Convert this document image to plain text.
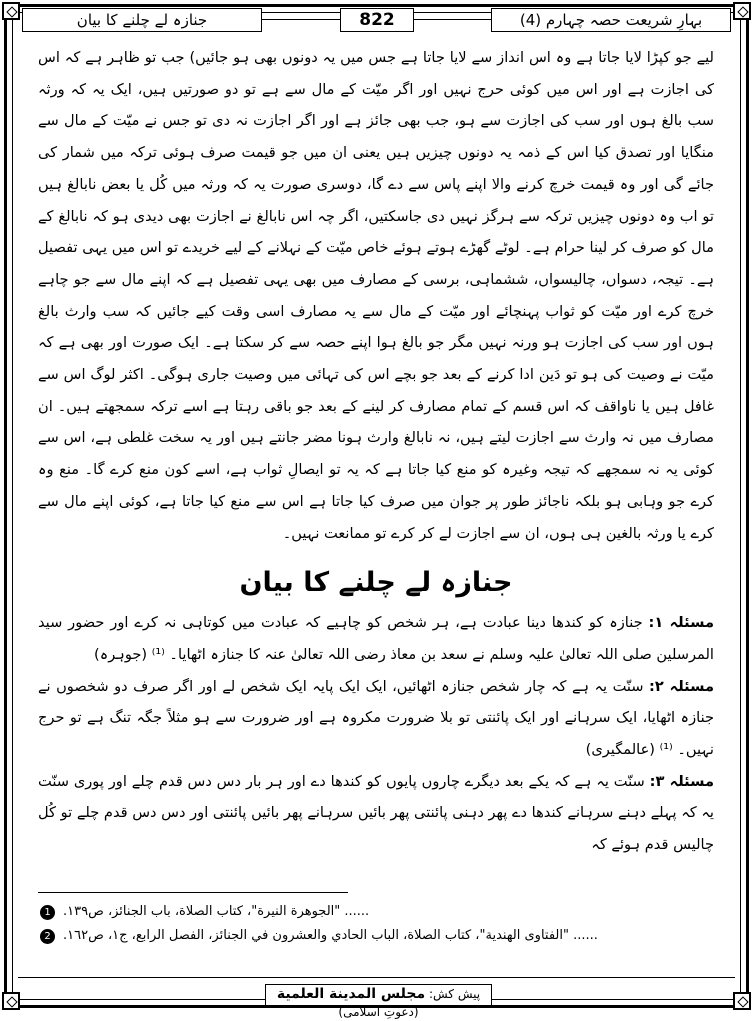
بہارِ شریعت حصہ چہارم (4)
822
جنازہ لے چلنے کا بیان

لیے جو کپڑا لایا جاتا ہے وہ اس انداز سے لایا جاتا ہے جس میں یہ دونوں بھی ہو جائیں) جب تو ظاہر ہے کہ اس کی اجازت ہے اور اس میں کوئی حرج نہیں اور اگر میّت کے مال سے ہے تو دو صورتیں ہیں، ایک یہ کہ ورثہ سب بالغ ہوں اور سب کی اجازت سے ہو، جب بھی جائز ہے اور اگر اجازت نہ دی تو جس نے میّت کے مال سے منگایا اور تصدق کیا اس کے ذمہ یہ دونوں چیزیں ہیں یعنی ان میں جو قیمت صرف ہوئی ترکہ میں شمار کی جائے گی اور وہ قیمت خرچ کرنے والا اپنے پاس سے دے گا، دوسری صورت یہ کہ ورثہ میں کُل یا بعض نابالغ ہیں تو اب وہ دونوں چیزیں ترکہ سے ہرگز نہیں دی جاسکتیں، اگر چہ اس نابالغ نے اجازت بھی دیدی ہو کہ نابالغ کے مال کو صرف کر لینا حرام ہے۔ لوٹے گھڑے ہوتے ہوئے خاص میّت کے نہلانے کے لیے خریدے تو اس میں یہی تفصیل ہے۔ تیجہ، دسواں، چالیسواں، ششماہی، برسی کے مصارف میں بھی یہی تفصیل ہے کہ اپنے مال سے جو چاہے خرچ کرے اور میّت کو ثواب پہنچائے اور میّت کے مال سے یہ مصارف اسی وقت کیے جائیں کہ سب وارث بالغ ہوں اور سب کی اجازت ہو ورنہ نہیں مگر جو بالغ ہوا اپنے حصہ سے کر سکتا ہے۔ ایک صورت اور بھی ہے کہ میّت نے وصیت کی ہو تو دَین ادا کرنے کے بعد جو بچے اس کی تہائی میں وصیت جاری ہوگی۔ اکثر لوگ اس سے غافل ہیں یا ناواقف کہ اس قسم کے تمام مصارف کر لینے کے بعد جو باقی رہتا ہے اسے ترکہ سمجھتے ہیں۔ ان مصارف میں نہ وارث سے اجازت لیتے ہیں، نہ نابالغ وارث ہونا مضر جانتے ہیں اور یہ سخت غلطی ہے، اس سے کوئی یہ نہ سمجھے کہ تیجہ وغیرہ کو منع کیا جاتا ہے کہ یہ تو ایصالِ ثواب ہے، اسے کون منع کرے گا۔ منع وہ کرے جو وہابی ہو بلکہ ناجائز طور پر جوان میں صرف کیا جاتا ہے اس سے منع کیا جاتا ہے، کوئی اپنے مال سے کرے یا ورثہ بالغین ہی ہوں، ان سے اجازت لے کر کرے تو ممانعت نہیں۔

جنازہ لے چلنے کا بیان

مسئلہ ۱: جنازہ کو کندھا دینا عبادت ہے، ہر شخص کو چاہیے کہ عبادت میں کوتاہی نہ کرے اور حضور سید المرسلین صلی اللہ تعالیٰ علیہ وسلم نے سعد بن معاذ رضی اللہ تعالیٰ عنہ کا جنازہ اٹھایا۔ ⁽¹⁾ (جوہرہ)

مسئلہ ۲: سنّت یہ ہے کہ چار شخص جنازہ اٹھائیں، ایک ایک پایہ ایک شخص لے اور اگر صرف دو شخصوں نے جنازہ اٹھایا، ایک سرہانے اور ایک پائنتی تو بلا ضرورت مکروہ ہے اور ضرورت سے ہو مثلاً جگہ تنگ ہے تو حرج نہیں۔ ⁽¹⁾ (عالمگیری)

مسئلہ ۳: سنّت یہ ہے کہ یکے بعد دیگرے چاروں پایوں کو کندھا دے اور ہر بار دس دس قدم چلے اور پوری سنّت یہ کہ پہلے دہنے سرہانے کندھا دے پھر دہنی پائنتی پھر بائیں سرہانے پھر بائیں پائنتی اور دس دس قدم چلے تو کُل چالیس قدم ہوئے کہ

1 ...... "الجوهرة النيرة"، كتاب الصلاة، باب الجنائز، ص١٣٩.
2 ...... "الفتاوى الهندية"، كتاب الصلاة، الباب الحادي والعشرون في الجنائز، الفصل الرابع، ج١، ص١٦٢.
پیش کش: مجلس المدينة العلمية (دعوتِ اسلامی)
